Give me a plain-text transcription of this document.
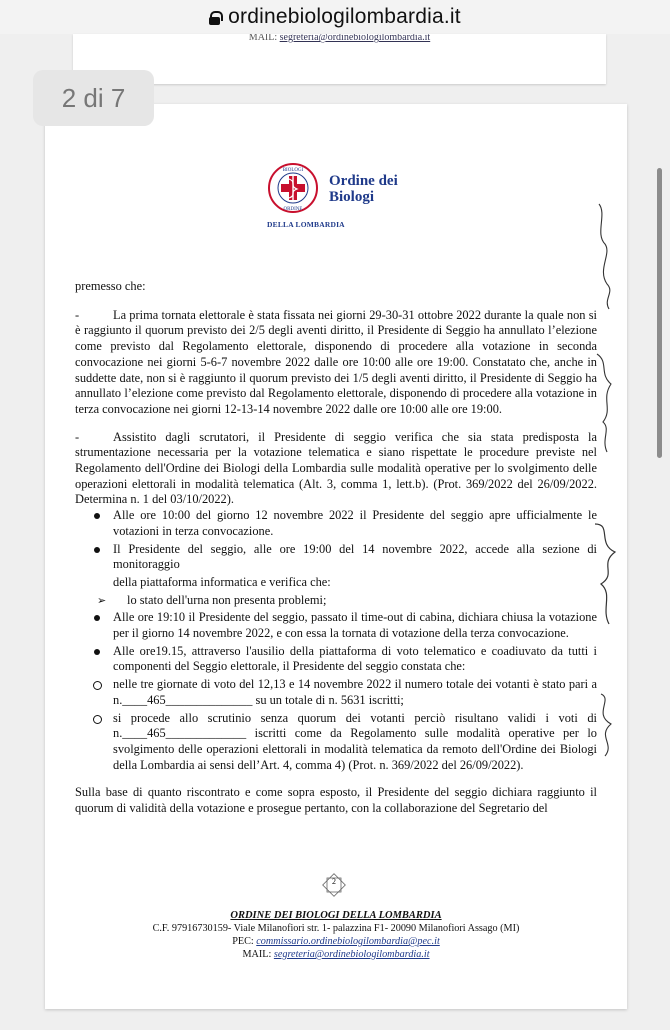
ordinebiologilombardia.it
MAIL: segreteria@ordinebiologilombardia.it
BIOLOGI
ORDINE
Ordine dei
Biologi
DELLA LOMBARDIA

premesso che:

-	La prima tornata elettorale è stata fissata nei giorni 29-30-31 ottobre 2022 durante la quale non si è raggiunto il quorum previsto dei 2/5 degli aventi diritto, il Presidente di Seggio ha annullato l’elezione come previsto dal Regolamento elettorale, disponendo di procedere alla votazione in seconda convocazione nei giorni 5-6-7 novembre 2022 dalle ore 10:00 alle ore 19:00. Constatato che, anche in suddette date, non si è raggiunto il quorum previsto dei 1/5 degli aventi diritto, il Presidente di Seggio ha annullato l’elezione come previsto dal Regolamento elettorale, disponendo di procedere alla votazione in terza convocazione nei giorni 12-13-14 novembre 2022 dalle ore 10:00 alle ore 19:00.

-	Assistito dagli scrutatori, il Presidente di seggio verifica che sia stata predisposta la strumentazione necessaria per la votazione telematica e siano rispettate le procedure previste nel Regolamento dell'Ordine dei Biologi della Lombardia sulle modalità operative per lo svolgimento delle operazioni elettorali in modalità telematica (Alt. 3, comma 1, lett.b). (Prot. 369/2022 del 26/09/2022. Determina n. 1 del 03/10/2022).

Alle ore 10:00 del giorno 12 novembre 2022 il Presidente del seggio apre ufficialmente le votazioni in terza convocazione.
Il Presidente del seggio, alle ore 19:00 del 14 novembre 2022, accede alla sezione di monitoraggio
della piattaforma informatica e verifica che:
➢ lo stato dell'urna non presenta problemi;
Alle ore 19:10 il Presidente del seggio, passato il time-out di cabina, dichiara chiusa la votazione per il giorno 14 novembre 2022, e con essa la tornata di votazione della terza convocazione.
Alle ore19.15, attraverso l'ausilio della piattaforma di voto telematico e coadiuvato da tutti i componenti del Seggio elettorale, il Presidente del seggio constata che:
nelle tre giornate di voto del 12,13 e 14 novembre 2022 il numero totale dei votanti è stato pari a n.____465______________ su un totale di n. 5631 iscritti;
si procede allo scrutinio senza quorum dei votanti perciò risultano validi i voti di n.____465_____________ iscritti come da Regolamento sulle modalità operative per lo svolgimento delle operazioni elettorali in modalità telematica da remoto dell'Ordine dei Biologi della Lombardia ai sensi dell’Art. 4, comma 4) (Prot. n. 369/2022 del 26/09/2022).

Sulla base di quanto riscontrato e come sopra esposto, il Presidente del seggio dichiara raggiunto il quorum di validità della votazione e prosegue pertanto, con la collaborazione del Segretario del

2
ORDINE DEI BIOLOGI DELLA LOMBARDIA
C.F. 97916730159- Viale Milanofiori str. 1- palazzina F1- 20090 Milanofiori Assago (MI)
PEC: commissario.ordinebiologilombardia@pec.it
MAIL: segreteria@ordinebiologilombardia.it
2 di 7
